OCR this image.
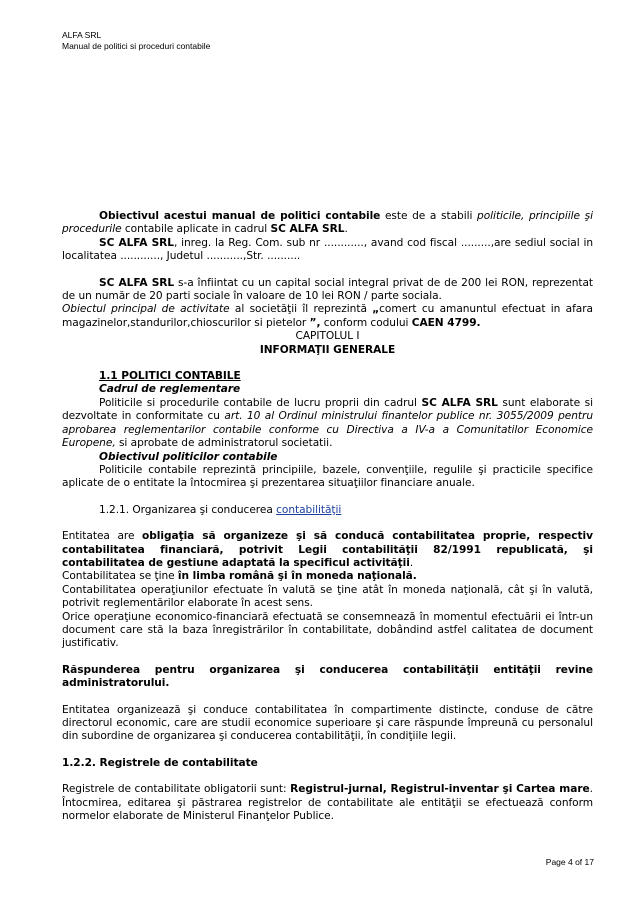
ALFA SRL
Manual de politici si proceduri contabile

Obiectivul acestui manual de politici contabile este de a stabili politicile, principiile şi procedurile contabile aplicate in cadrul SC ALFA SRL.

SC ALFA SRL, inreg. la Reg. Com. sub nr ............, avand cod fiscal .........,are sediul social in localitatea ............, Judetul ...........,Str. ..........

SC ALFA SRL s-a înfiintat cu un capital social integral privat de de 200 lei RON, reprezentat de un număr de 20 parti sociale în valoare de 10 lei RON / parte sociala.

Obiectul principal de activitate al societăţii îl reprezintă „comert cu amanuntul efectuat in afara magazinelor,standurilor,chioscurilor si pietelor ”, conform codului CAEN 4799.

CAPITOLUL I

INFORMAŢII GENERALE

1.1 POLITICI CONTABILE

Cadrul de reglementare

Politicile si procedurile contabile de lucru proprii din cadrul SC ALFA SRL sunt elaborate si dezvoltate in conformitate cu art. 10 al Ordinul ministrului finantelor publice nr. 3055/2009 pentru aprobarea reglementarilor contabile conforme cu Directiva a IV-a a Comunitatilor Economice Europene, si aprobate de administratorul societatii.

Obiectivul politicilor contabile

Politicile contabile reprezintă principiile, bazele, convenţiile, regulile şi practicile specifice aplicate de o entitate la întocmirea şi prezentarea situaţiilor financiare anuale.

1.2.1. Organizarea şi conducerea contabilităţii

Entitatea are obligaţia să organizeze şi să conducă contabilitatea proprie, respectiv contabilitatea financiară, potrivit Legii contabilităţii 82/1991 republicată, şi contabilitatea de gestiune adaptată la specificul activităţii.

Contabilitatea se ţine în limba română şi în moneda naţională.

Contabilitatea operaţiunilor efectuate în valută se ţine atât în moneda naţională, cât şi în valută, potrivit reglementărilor elaborate în acest sens.

Orice operaţiune economico-financiară efectuată se consemnează în momentul efectuării ei într-un document care stă la baza înregistrărilor în contabilitate, dobândind astfel calitatea de document justificativ.

Răspunderea pentru organizarea şi conducerea contabilităţii entităţii revine administratorului.

Entitatea organizează şi conduce contabilitatea în compartimente distincte, conduse de către directorul economic, care are studii economice superioare şi care răspunde împreună cu personalul din subordine de organizarea şi conducerea contabilităţii, în condiţiile legii.

1.2.2. Registrele de contabilitate

Registrele de contabilitate obligatorii sunt: Registrul-jurnal, Registrul-inventar şi Cartea mare. Întocmirea, editarea şi păstrarea registrelor de contabilitate ale entităţii se efectuează conform normelor elaborate de Ministerul Finanţelor Publice.

Page 4 of 17
